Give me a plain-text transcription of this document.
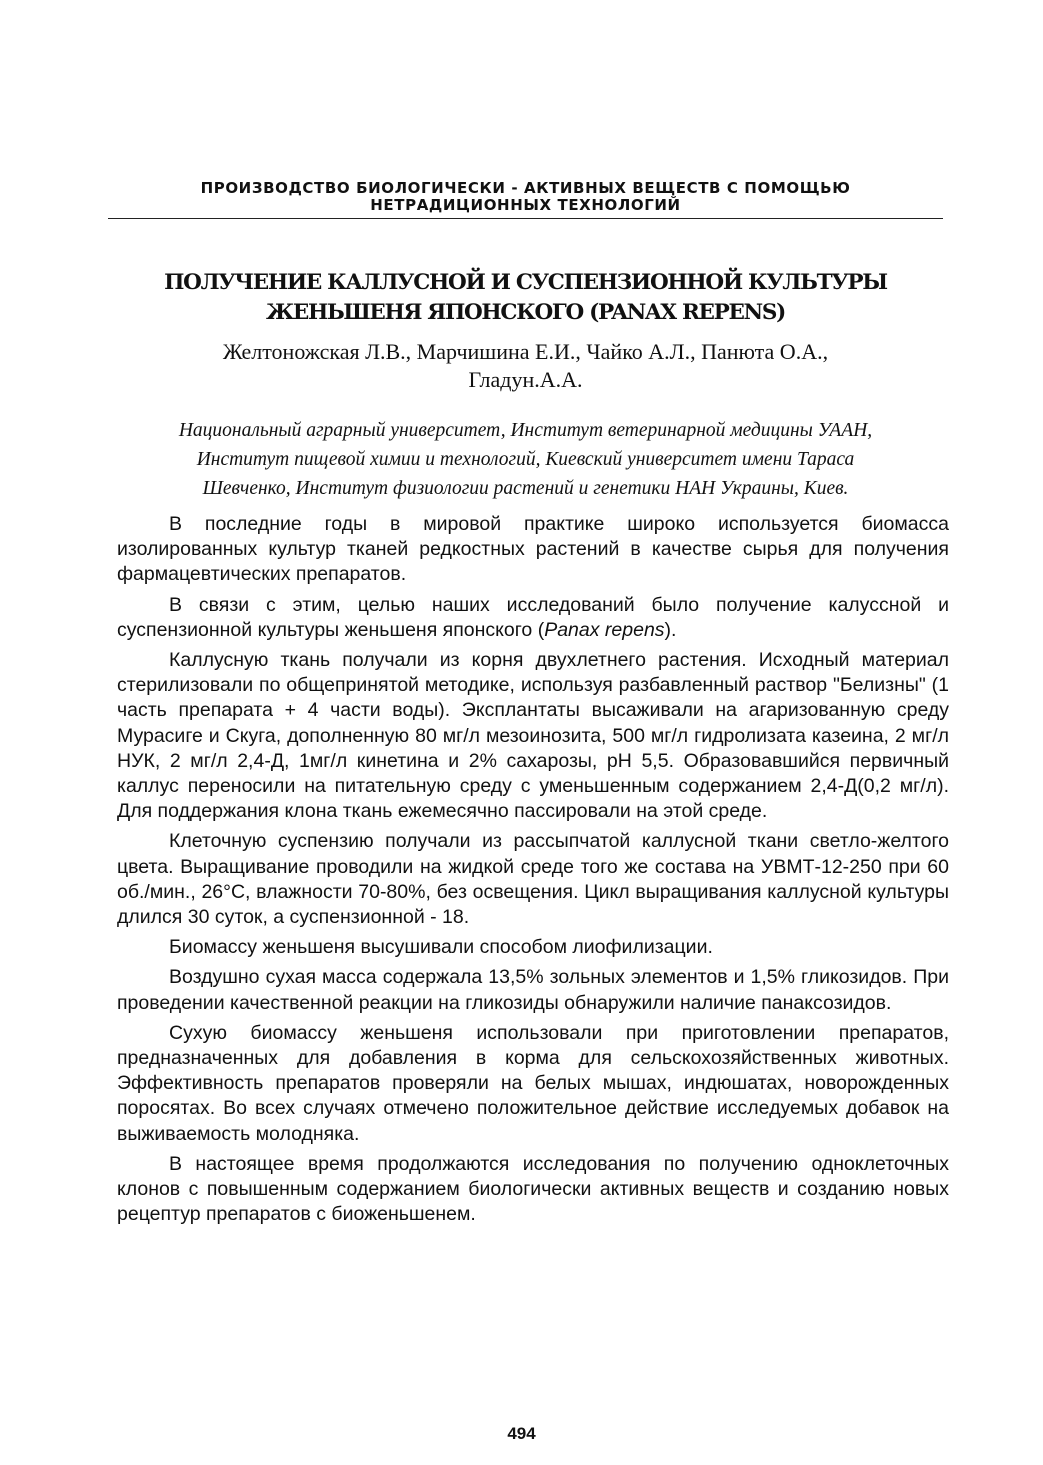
ПРОИЗВОДСТВО БИОЛОГИЧЕСКИ - АКТИВНЫХ ВЕЩЕСТВ С ПОМОЩЬЮ
НЕТРАДИЦИОННЫХ ТЕХНОЛОГИЙ
ПОЛУЧЕНИЕ КАЛЛУСНОЙ И СУСПЕНЗИОННОЙ КУЛЬТУРЫ
ЖЕНЬШЕНЯ ЯПОНСКОГО (PANAX REPENS)
Желтоножская Л.В., Марчишина Е.И., Чайко А.Л., Панюта О.А.,
Гладун.А.А.
Национальный аграрный университет, Институт ветеринарной медицины УААН,
Институт пищевой химии и технологий, Киевский университет имени Тараса
Шевченко, Институт физиологии растений и генетики НАН Украины, Киев.

В последние годы в мировой практике широко используется биомасса изолированных культур тканей редкостных растений в качестве сырья для получения фармацевтических препаратов.

В связи с этим, целью наших исследований было получение калуссной и суспензионной культуры женьшеня японского (Panax repens).

Каллусную ткань получали из корня двухлетнего растения. Исходный материал стерилизовали по общепринятой методике, используя разбавленный раствор "Белизны" (1 часть препарата + 4 части воды). Эксплантаты высаживали на агаризованную среду Мурасиге и Скуга, дополненную 80 мг/л мезоинозита, 500 мг/л гидролизата казеина, 2 мг/л НУК, 2 мг/л 2,4-Д, 1мг/л кинетина и 2% сахарозы, рН 5,5. Образовавшийся первичный каллус переносили на питательную среду с уменьшенным содержанием 2,4-Д(0,2 мг/л). Для поддержания клона ткань ежемесячно пассировали на этой среде.

Клеточную суспензию получали из рассыпчатой каллусной ткани светло-желтого цвета. Выращивание проводили на жидкой среде того же состава на УВМТ-12-250 при 60 об./мин., 26°С, влажности 70-80%, без освещения. Цикл выращивания каллусной культуры длился 30 суток, а суспензионной - 18.

Биомассу женьшеня высушивали способом лиофилизации.

Воздушно сухая масса содержала 13,5% зольных элементов и 1,5% гликозидов. При проведении качественной реакции на гликозиды обнаружили наличие панаксозидов.

Сухую биомассу женьшеня использовали при приготовлении препаратов, предназначенных для добавления в корма для сельскохозяйственных животных. Эффективность препаратов проверяли на белых мышах, индюшатах, новорожденных поросятах. Во всех случаях отмечено положительное действие исследуемых добавок на выживаемость молодняка.

В настоящее время продолжаются исследования по получению одноклеточных клонов с повышенным содержанием биологически активных веществ и созданию новых рецептур препаратов с биоженьшенем.

494
